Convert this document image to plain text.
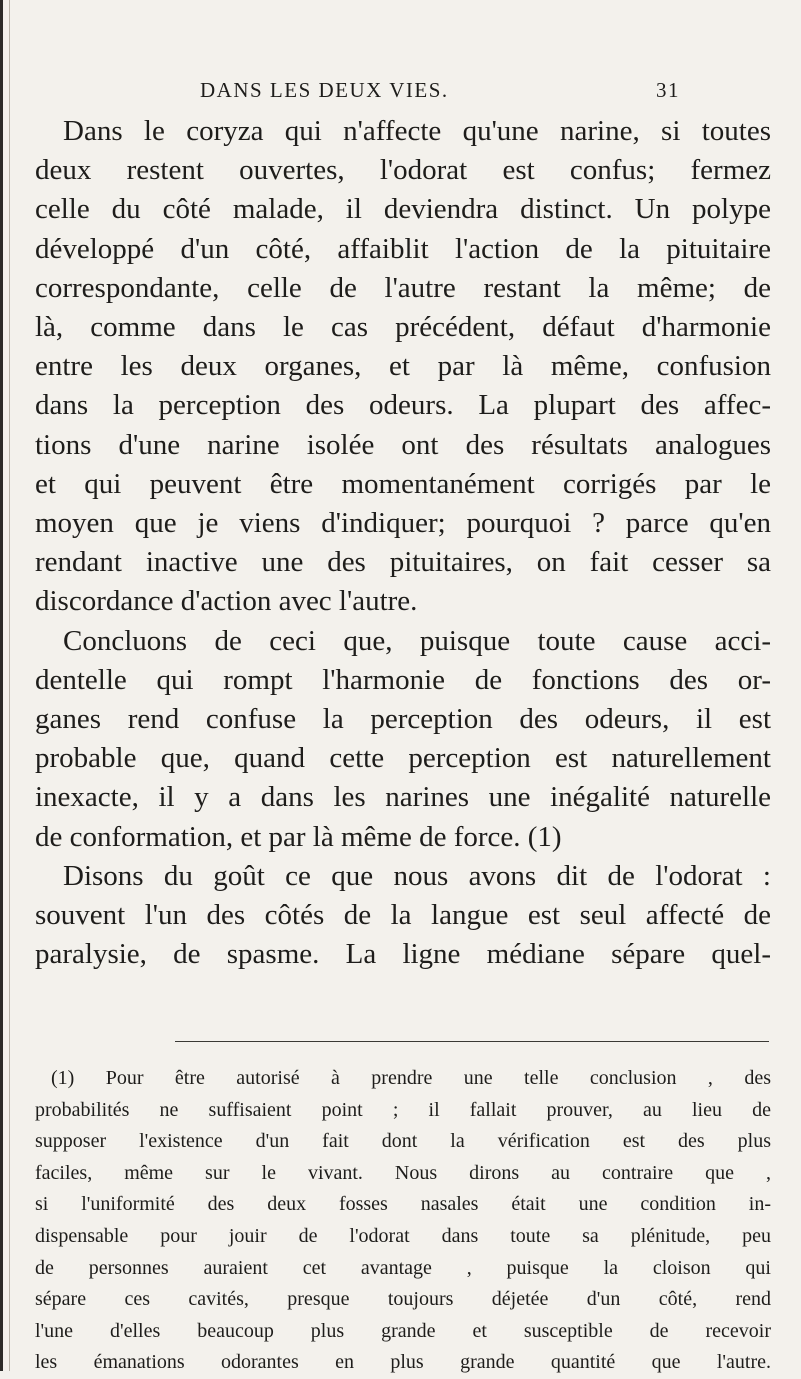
DANS LES DEUX VIES.	31

Dans le coryza qui n'affecte qu'une narine, si toutes
deux restent ouvertes, l'odorat est confus; fermez
celle du côté malade, il deviendra distinct. Un polype
développé d'un côté, affaiblit l'action de la pituitaire
correspondante, celle de l'autre restant la même; de
là, comme dans le cas précédent, défaut d'harmonie
entre les deux organes, et par là même, confusion
dans la perception des odeurs. La plupart des affec-
tions d'une narine isolée ont des résultats analogues
et qui peuvent être momentanément corrigés par le
moyen que je viens d'indiquer; pourquoi ? parce qu'en
rendant inactive une des pituitaires, on fait cesser sa
discordance d'action avec l'autre.

Concluons de ceci que, puisque toute cause acci-
dentelle qui rompt l'harmonie de fonctions des or-
ganes rend confuse la perception des odeurs, il est
probable que, quand cette perception est naturellement
inexacte, il y a dans les narines une inégalité naturelle
de conformation, et par là même de force. (1)

Disons du goût ce que nous avons dit de l'odorat :
souvent l'un des côtés de la langue est seul affecté de
paralysie, de spasme. La ligne médiane sépare quel-

(1) Pour être autorisé à prendre une telle conclusion , des
probabilités ne suffisaient point ; il fallait prouver, au lieu de
supposer l'existence d'un fait dont la vérification est des plus
faciles, même sur le vivant. Nous dirons au contraire que ,
si l'uniformité des deux fosses nasales était une condition in-
dispensable pour jouir de l'odorat dans toute sa plénitude, peu
de personnes auraient cet avantage , puisque la cloison qui
sépare ces cavités, presque toujours déjetée d'un côté, rend
l'une d'elles beaucoup plus grande et susceptible de recevoir
les émanations odorantes en plus grande quantité que l'autre.
